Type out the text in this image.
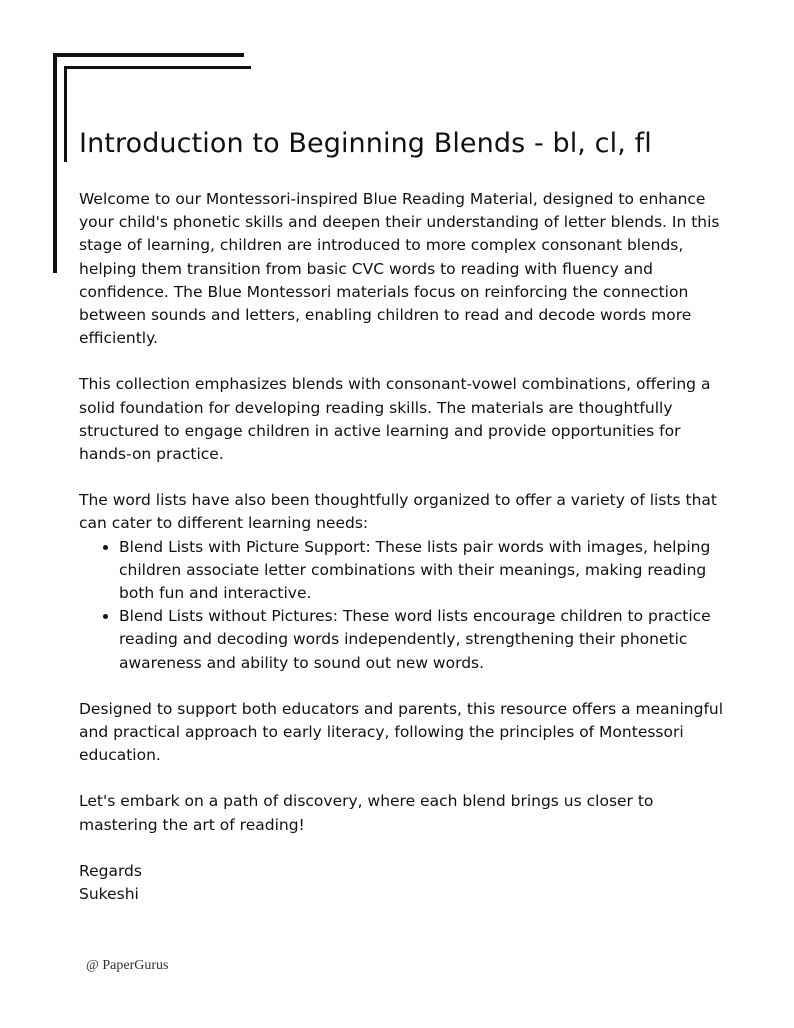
Introduction to Beginning Blends - bl, cl, fl

Welcome to our Montessori-inspired Blue Reading Material, designed to enhance your child's phonetic skills and deepen their understanding of letter blends. In this stage of learning, children are introduced to more complex consonant blends, helping them transition from basic CVC words to reading with fluency and confidence. The Blue Montessori materials focus on reinforcing the connection between sounds and letters, enabling children to read and decode words more efficiently.

This collection emphasizes blends with consonant-vowel combinations, offering a solid foundation for developing reading skills. The materials are thoughtfully structured to engage children in active learning and provide opportunities for hands-on practice.

The word lists have also been thoughtfully organized to offer a variety of lists that can cater to different learning needs:

• Blend Lists with Picture Support: These lists pair words with images, helping children associate letter combinations with their meanings, making reading both fun and interactive.
• Blend Lists without Pictures: These word lists encourage children to practice reading and decoding words independently, strengthening their phonetic awareness and ability to sound out new words.

Designed to support both educators and parents, this resource offers a meaningful and practical approach to early literacy, following the principles of Montessori education.

Let's embark on a path of discovery, where each blend brings us closer to mastering the art of reading!

Regards

Sukeshi

@ PaperGurus
